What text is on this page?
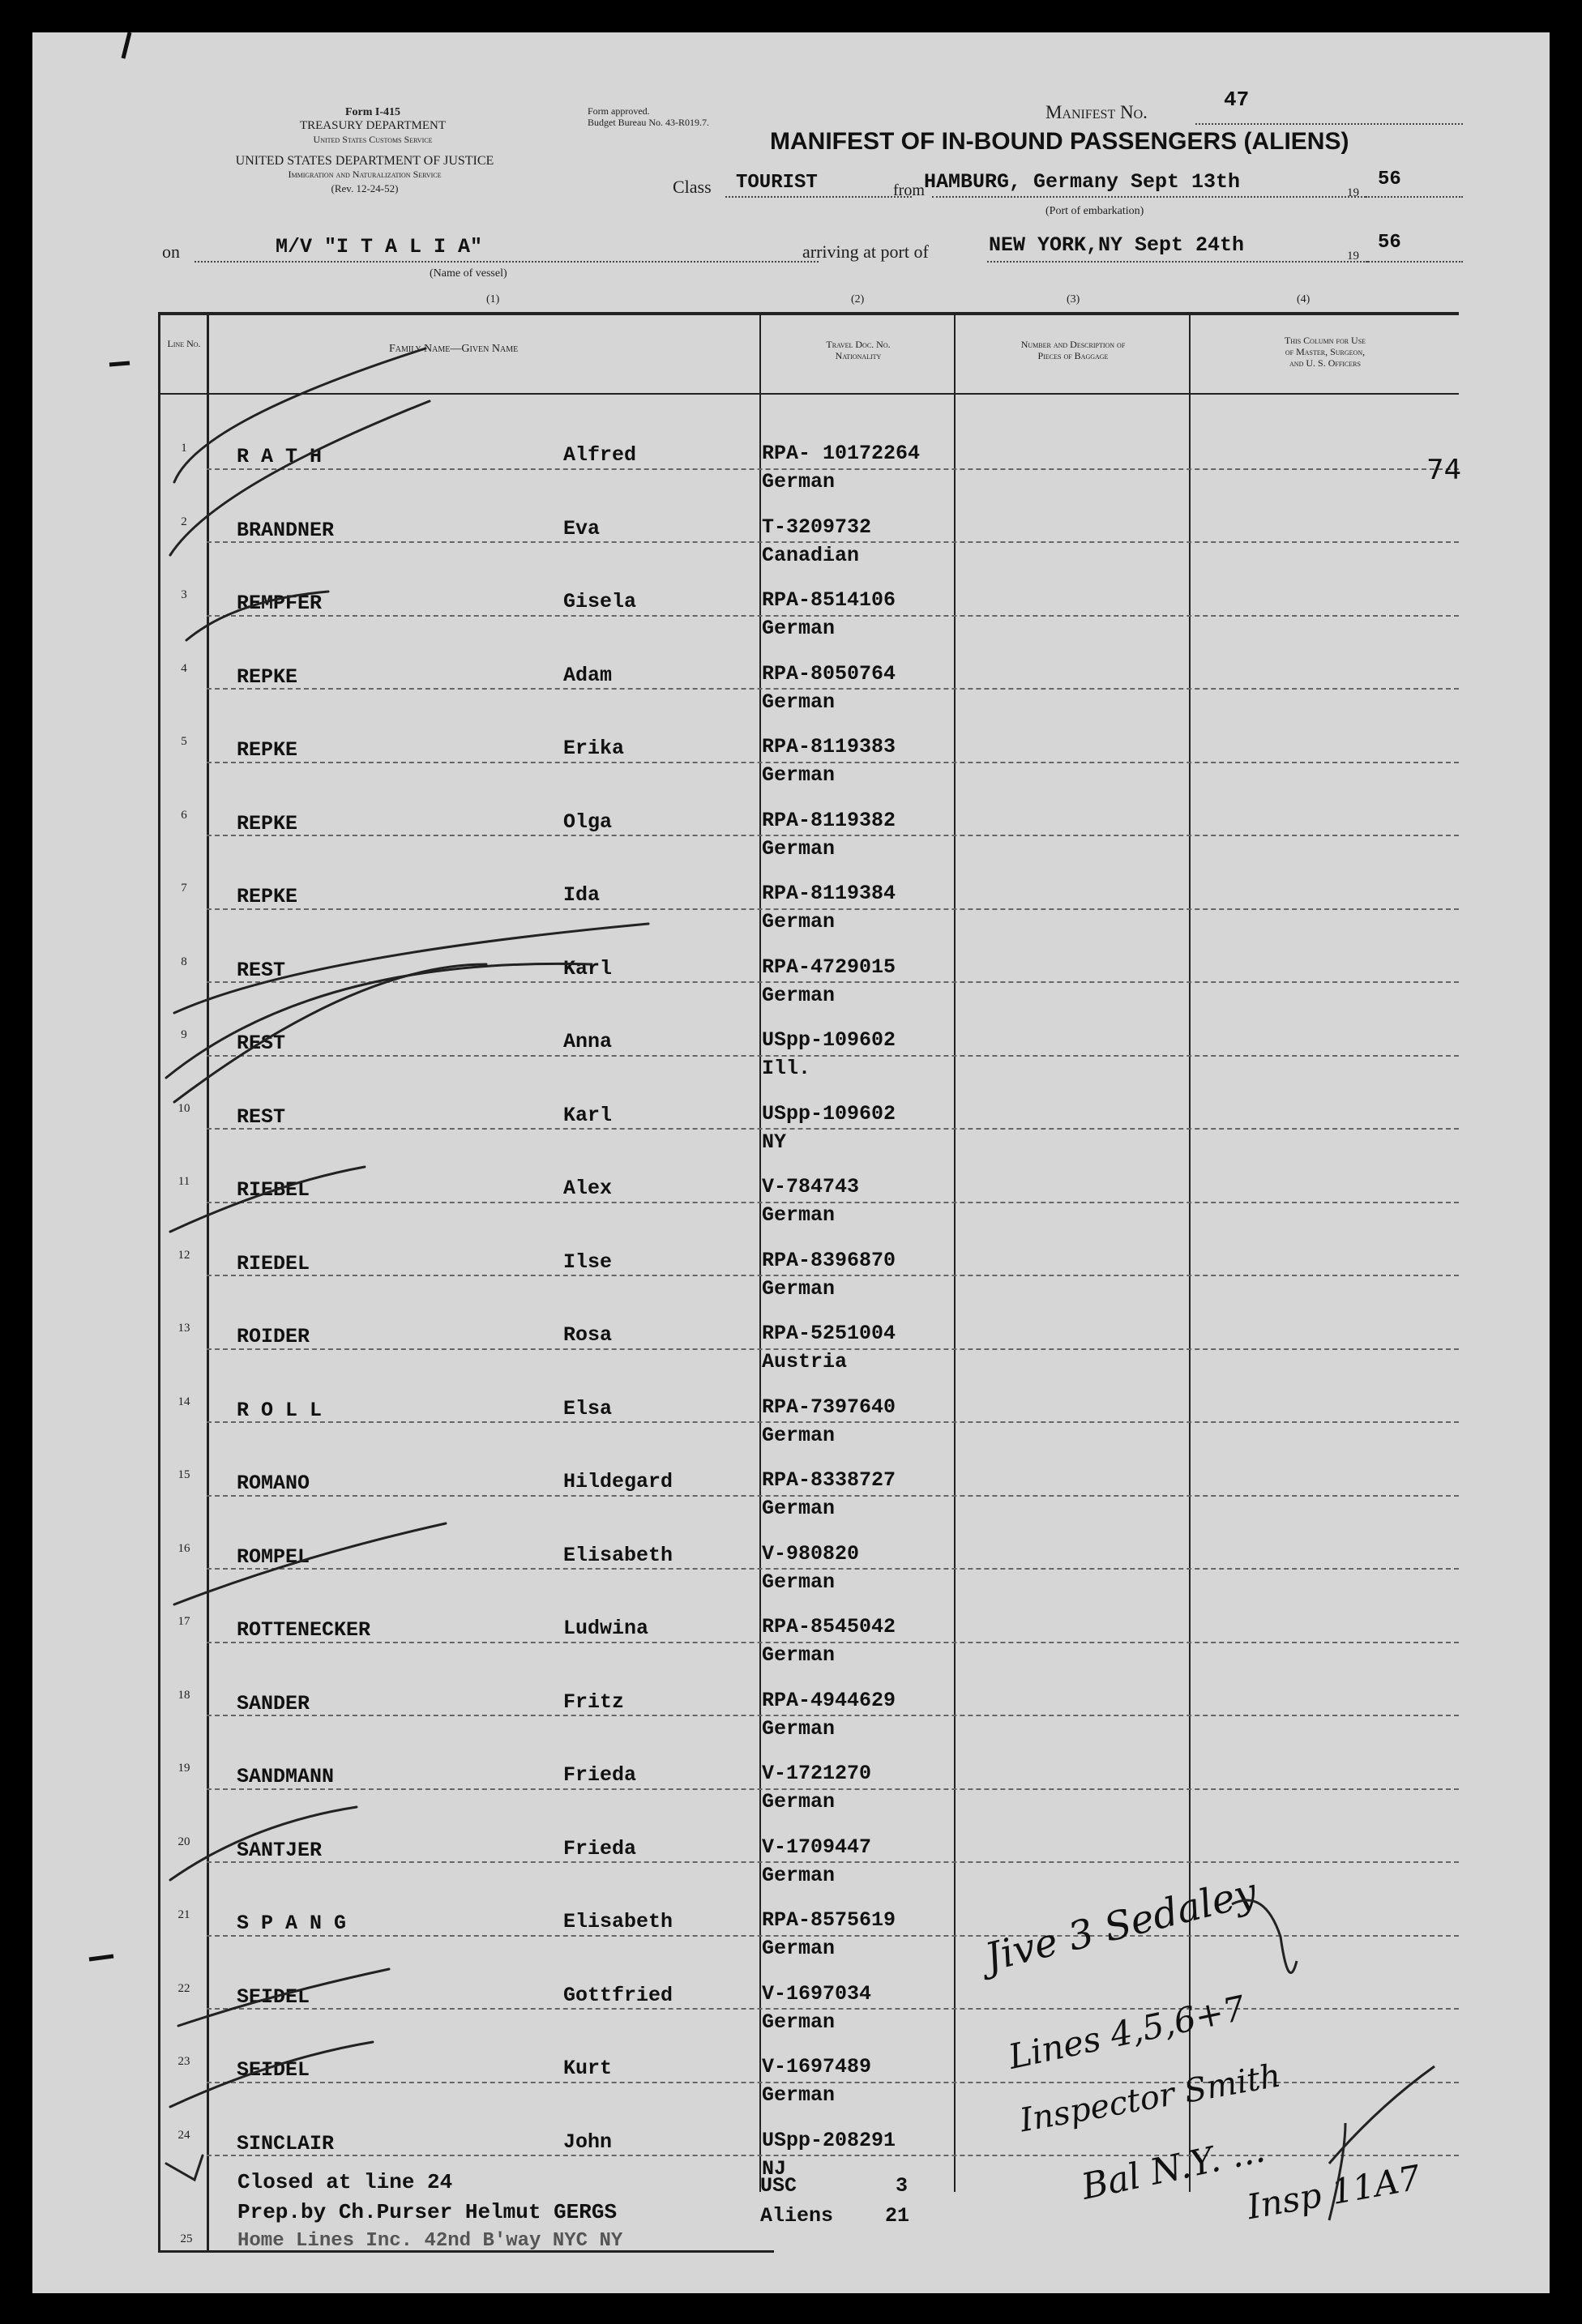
Form I-415
TREASURY DEPARTMENT
United States Customs Service
UNITED STATES DEPARTMENT OF JUSTICE
Immigration and Naturalization Service
(Rev. 12-24-52)
Form approved.
Budget Bureau No. 43-R019.7.	Manifest No.
47
MANIFEST OF IN-BOUND PASSENGERS (ALIENS)
Class TOURIST	from HAMBURG, Germany Sept 13th	19
56
(Port of embarkation)
on	M/V "I T A L I A"
(Name of vessel)
arriving at port of	NEW YORK,NY Sept 24th	19
56
(1)	(2)	(3)	(4)
Line No.	Family Name—Given Name	Travel Doc. No.
Nationality
Number and Description of
Pieces of Baggage
This Column for Use
of Master, Surgeon,
and U. S. Officers
1	R A T H	Alfred	RPA- 10172264
German
2	BRANDNER	Eva	T-3209732
Canadian
3	REMPFER	Gisela	RPA-8514106
German
4	REPKE	Adam	RPA-8050764
German
5	REPKE	Erika	RPA-8119383
German
6	REPKE	Olga	RPA-8119382
German
7	REPKE	Ida	RPA-8119384
German
8	REST	Karl	RPA-4729015
German
9	REST	Anna	USpp-109602
Ill.
10	REST	Karl	USpp-109602
NY
11	RIEBEL	Alex	V-784743
German
12	RIEDEL	Ilse	RPA-8396870
German
13	ROIDER	Rosa	RPA-5251004
Austria
14	R O L L	Elsa	RPA-7397640
German
15	ROMANO	Hildegard	RPA-8338727
German
16	ROMPEL	Elisabeth	V-980820
German
17	ROTTENECKER	Ludwina	RPA-8545042
German
18	SANDER	Fritz	RPA-4944629
German
19	SANDMANN	Frieda	V-1721270
German
20	SANTJER	Frieda	V-1709447
German
21	S P A N G	Elisabeth	RPA-8575619
German
22	SEIDEL	Gottfried	V-1697034
German
23	SEIDEL	Kurt	V-1697489
German
24	SINCLAIR	John	USpp-208291
NJ
25
Closed at line 24
Prep.by Ch.Purser Helmut GERGS
Home Lines Inc. 42nd B'way NYC NY
USC	3
Aliens	21
74
Jive 3 Sedaley
Lines 4,5,6+7
Inspector Smith
Bal N.Y. ...
Insp 11A7
